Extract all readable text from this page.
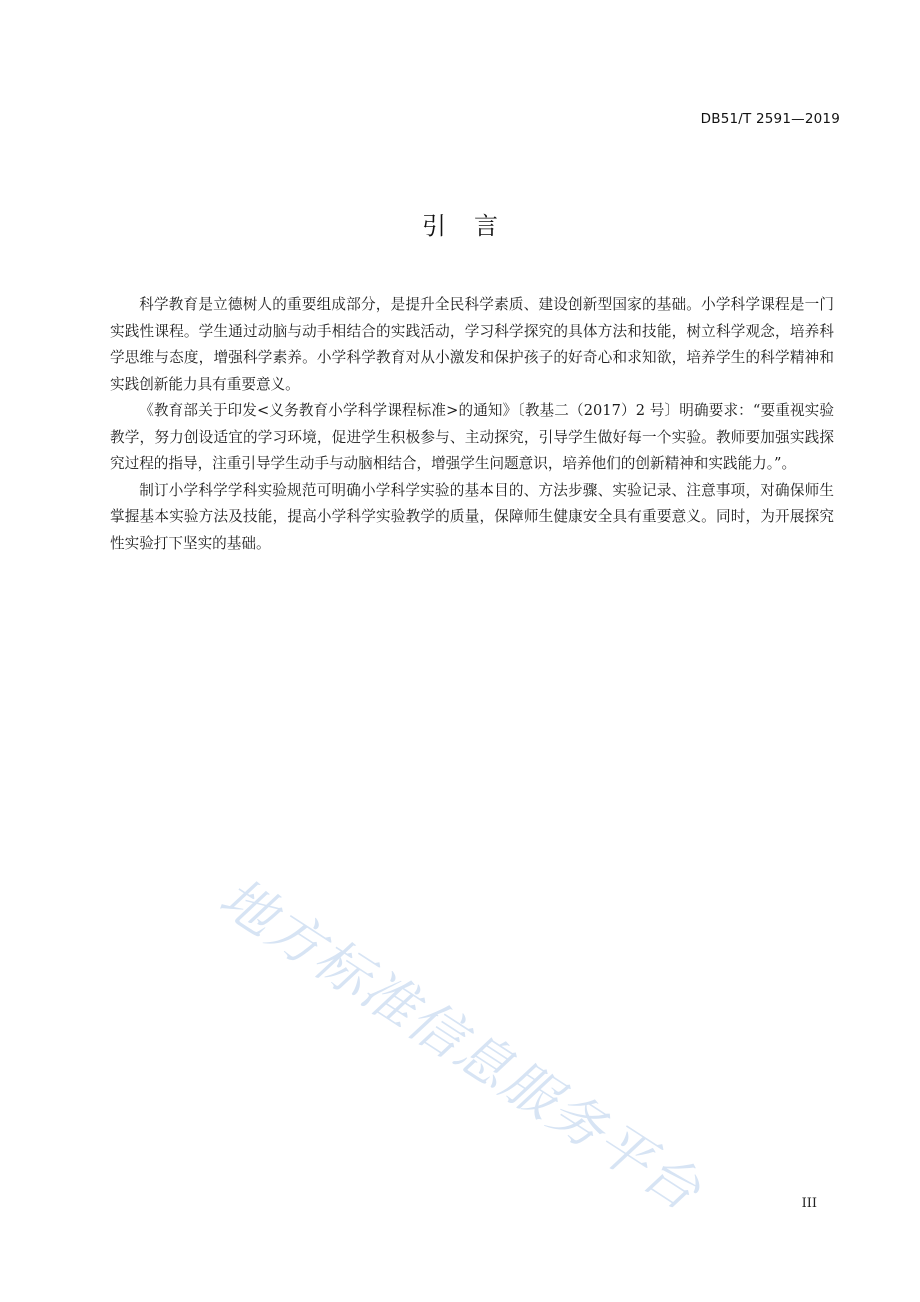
DB51/T 2591—2019
引言

科学教育是立德树人的重要组成部分，是提升全民科学素质、建设创新型国家的基础。小学科学课程是一门实践性课程。学生通过动脑与动手相结合的实践活动，学习科学探究的具体方法和技能，树立科学观念，培养科学思维与态度，增强科学素养。小学科学教育对从小激发和保护孩子的好奇心和求知欲，培养学生的科学精神和实践创新能力具有重要意义。

《教育部关于印发<义务教育小学科学课程标准>的通知》〔教基二（2017）2 号〕明确要求：“要重视实验教学，努力创设适宜的学习环境，促进学生积极参与、主动探究，引导学生做好每一个实验。教师要加强实践探究过程的指导，注重引导学生动手与动脑相结合，增强学生问题意识，培养他们的创新精神和实践能力。”。

制订小学科学学科实验规范可明确小学科学实验的基本目的、方法步骤、实验记录、注意事项，对确保师生掌握基本实验方法及技能，提高小学科学实验教学的质量，保障师生健康安全具有重要意义。同时，为开展探究性实验打下坚实的基础。

地方标准信息服务平台	III
